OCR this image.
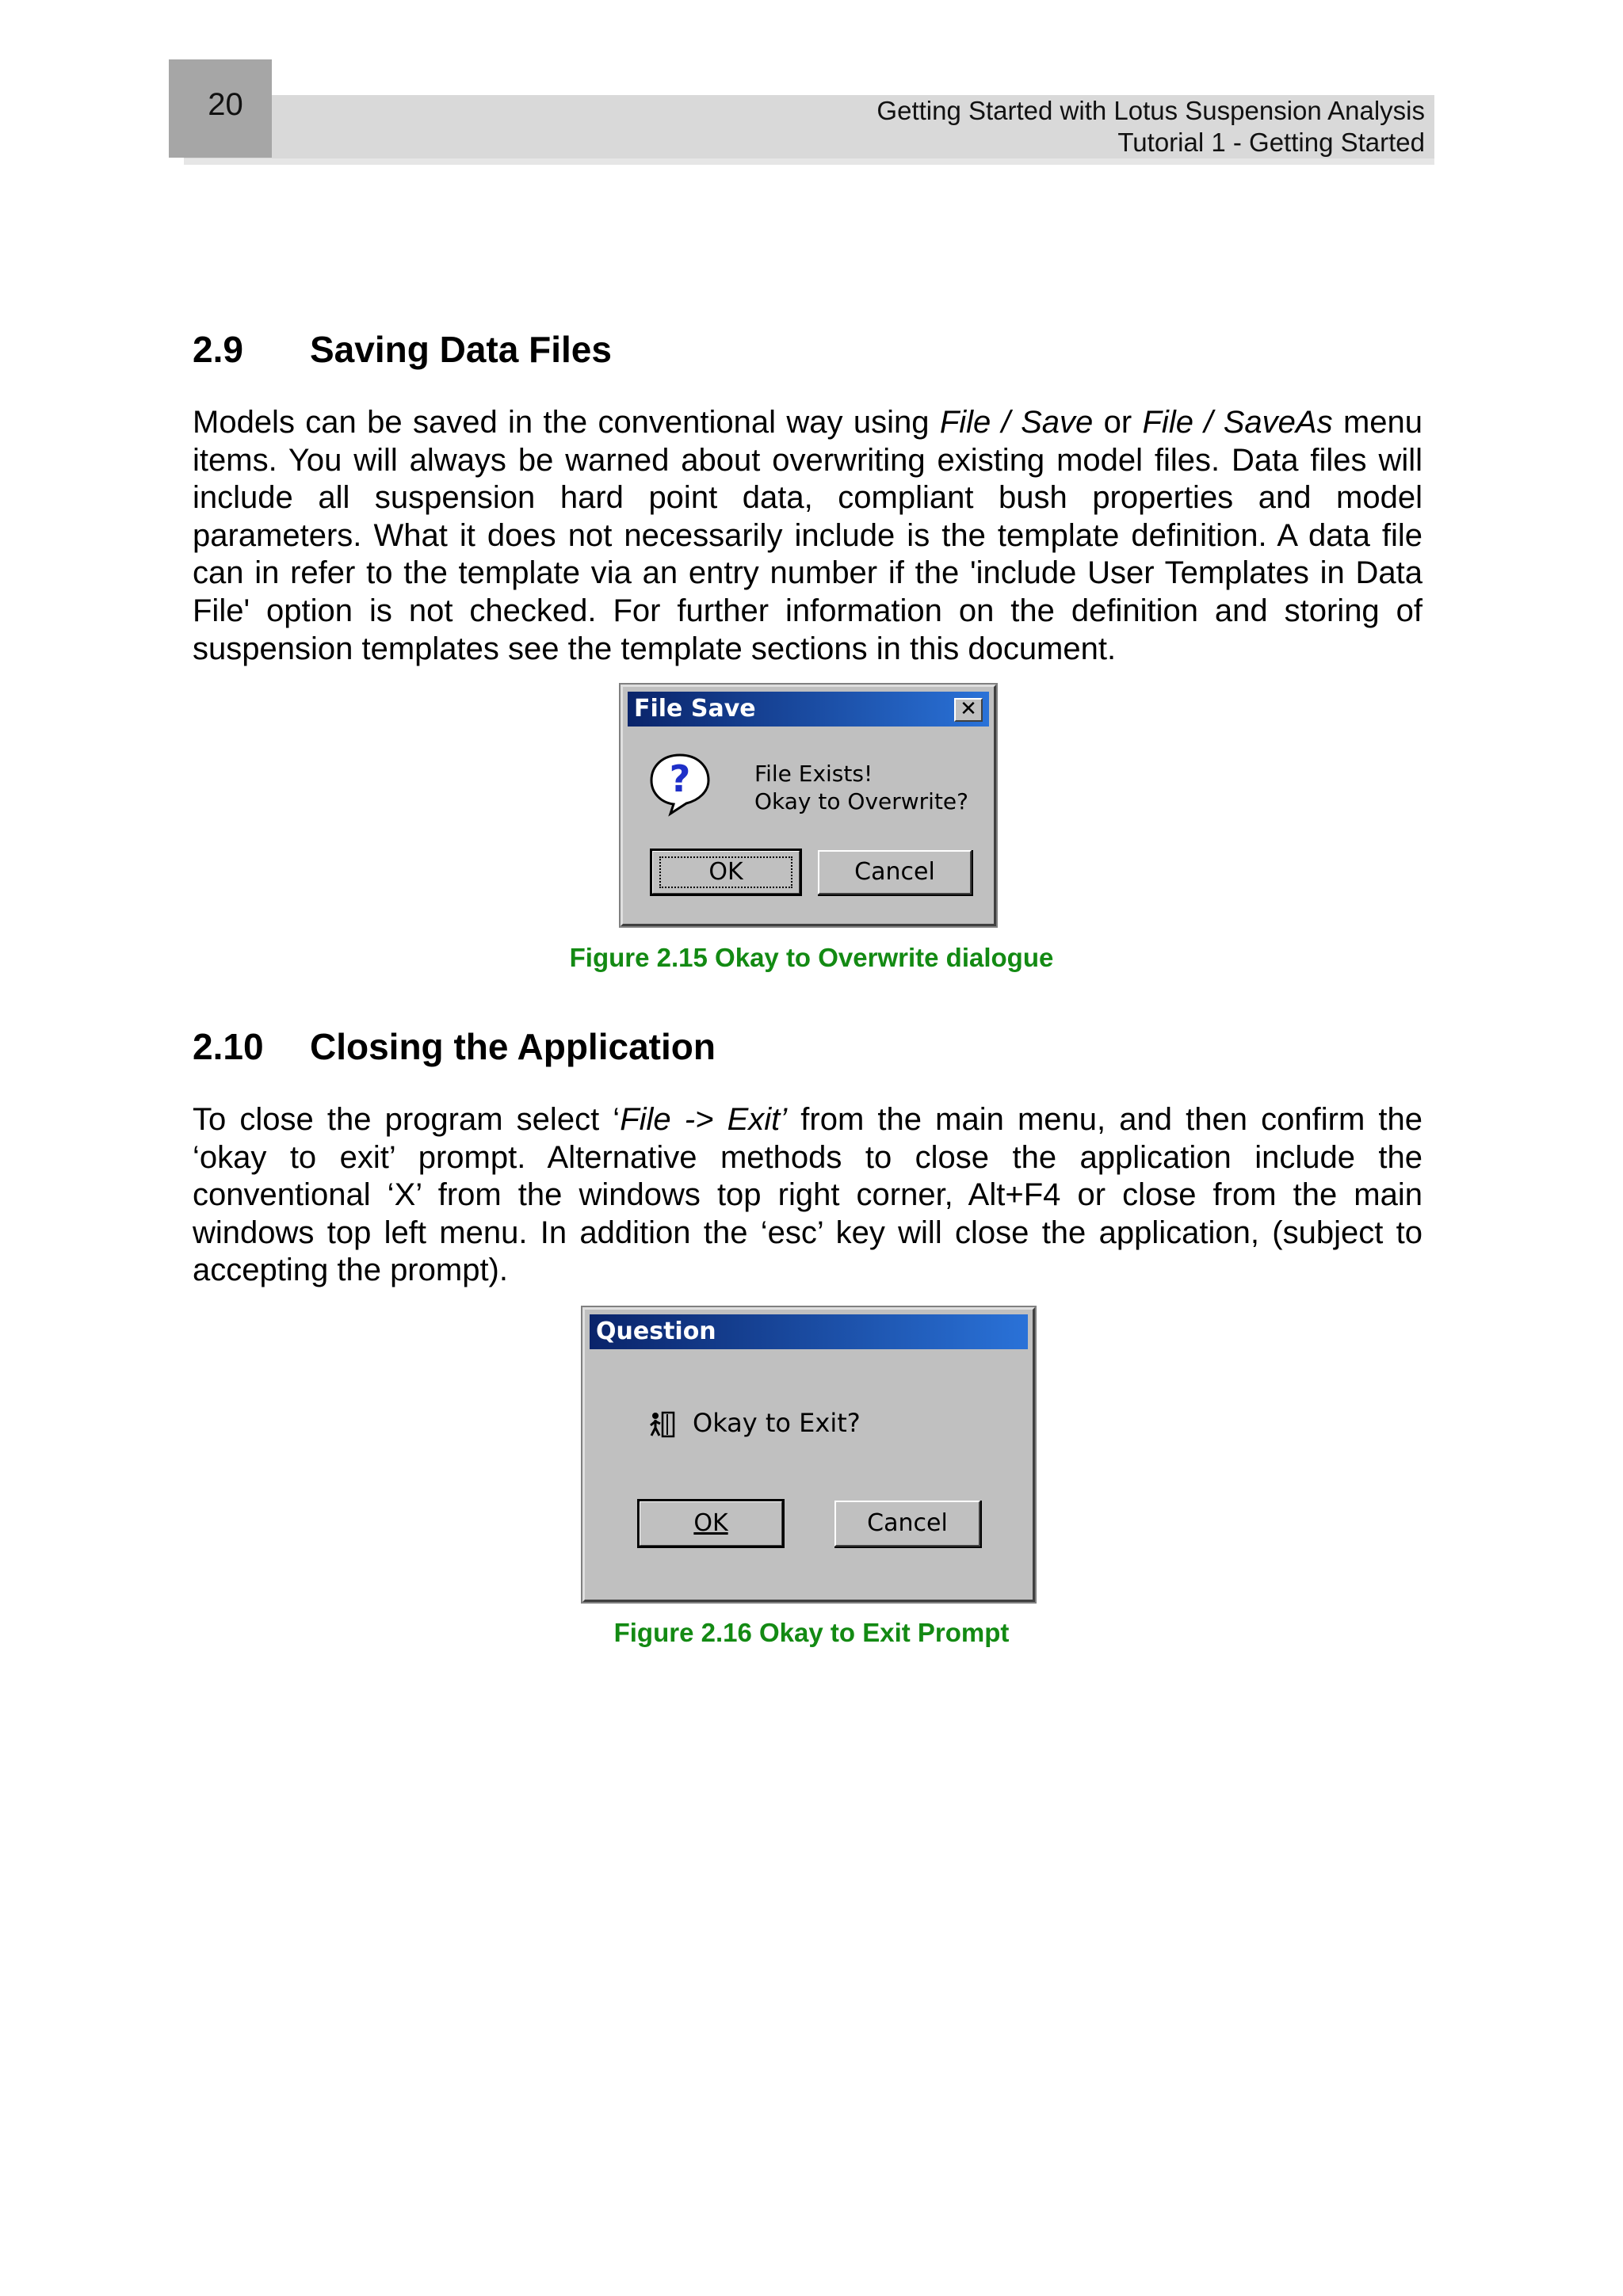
20	Getting Started with Lotus Suspension Analysis
Tutorial 1 - Getting Started
2.9 Saving Data Files

Models can be saved in the conventional way using File / Save or File / SaveAs menu items. You will always be warned about overwriting existing model files. Data files will include all suspension hard point data, compliant bush properties and model parameters. What it does not necessarily include is the template definition. A data file can in refer to the template via an entry number if the 'include User Templates in Data File' option is not checked. For further information on the definition and storing of suspension templates see the template sections in this document.

File Save	✕
?	File Exists!
Okay to Overwrite?
OK	Cancel
Figure 2.15 Okay to Overwrite dialogue
2.10 Closing the Application

To close the program select ‘File -> Exit’ from the main menu, and then confirm the ‘okay to exit’ prompt. Alternative methods to close the application include the conventional ‘X’ from the windows top right corner, Alt+F4 or close from the main windows top left menu. In addition the ‘esc’ key will close the application, (subject to accepting the prompt).

Question
Okay to Exit?
OK	Cancel
Figure 2.16 Okay to Exit Prompt
